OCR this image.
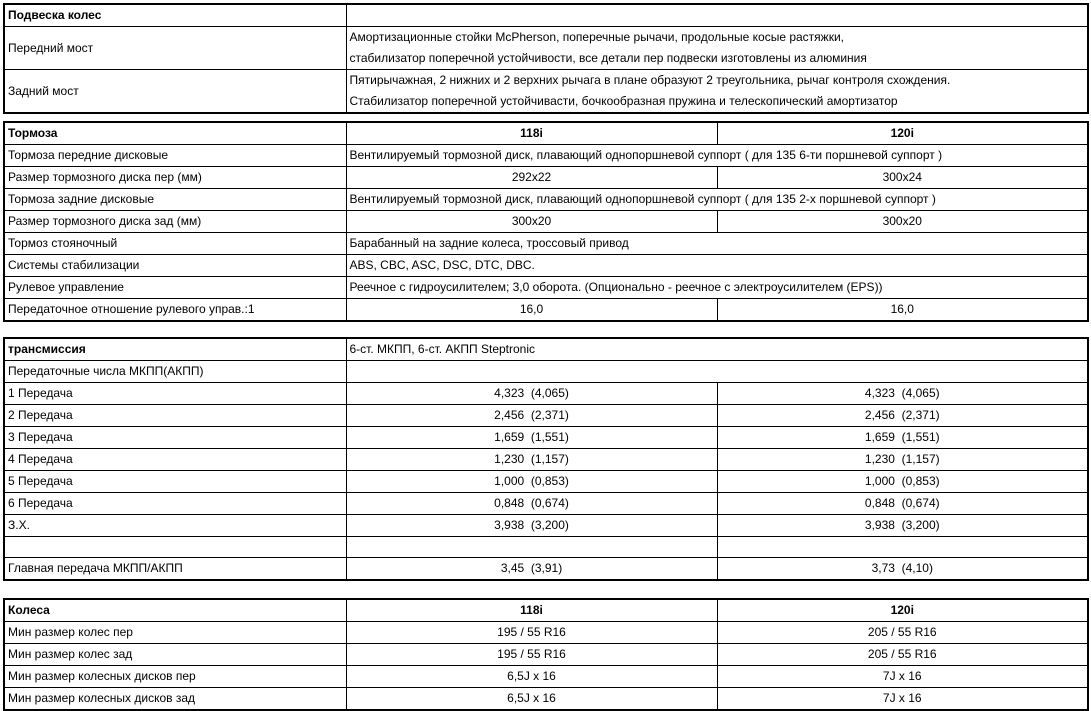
Подвеска колес	
Передний мост	Амортизационные стойки McPherson, поперечные рычачи, продольные косые растяжки,
стабилизатор поперечной устойчивости, все детали пер подвески изготовлены из алюминия

Задний мост	Пятирычажная, 2 нижних и 2 верхних рычага в плане образуют 2 треугольника, рычаг контроля схождения.
Стабилизатор поперечной устойчивасти, бочкообразная пружина и телескопический амортизатор
Тормоза	118i	120i
Тормоза передние дисковые	Вентилируемый тормозной диск, плавающий однопоршневой суппорт ( для 135 6-ти поршневой суппорт )	
Размер тормозного диска пер (мм)	292x22	300x24
Тормоза задние дисковые	Вентилируемый тормозной диск, плавающий однопоршневой суппорт ( для 135 2-х поршневой суппорт )	
Размер тормозного диска зад (мм)	300x20	300x20
Тормоз стояночный	Барабанный на задние колеса, троссовый привод	
Системы стабилизации	ABS, CBC, ASC, DSC, DTC, DBC.	
Рулевое управление	Реечное с гидроусилителем; 3,0 оборота. (Опционально - реечное с электроусилителем (EPS))	
Передаточное отношение рулевого управ.:1	16,0	16,0
трансмиссия	6-ст. МКПП, 6-ст. АКПП Steptronic	
Передаточные числа МКПП(АКПП)		
1 Передача	4,323  (4,065)	4,323  (4,065)
2 Передача	2,456  (2,371)	2,456  (2,371)
3 Передача	1,659  (1,551)	1,659  (1,551)
4 Передача	1,230  (1,157)	1,230  (1,157)
5 Передача	1,000  (0,853)	1,000  (0,853)
6 Передача	0,848  (0,674)	0,848  (0,674)
З.Х.	3,938  (3,200)	3,938  (3,200)

Главная передача МКПП/АКПП	3,45  (3,91)	3,73  (4,10)
Колеса	118i	120i
Мин размер колес пер	195 / 55 R16	205 / 55 R16
Мин размер колес зад	195 / 55 R16	205 / 55 R16
Мин размер колесных дисков пер	6,5J x 16	7J x 16
Мин размер колесных дисков зад	6,5J x 16	7J x 16
